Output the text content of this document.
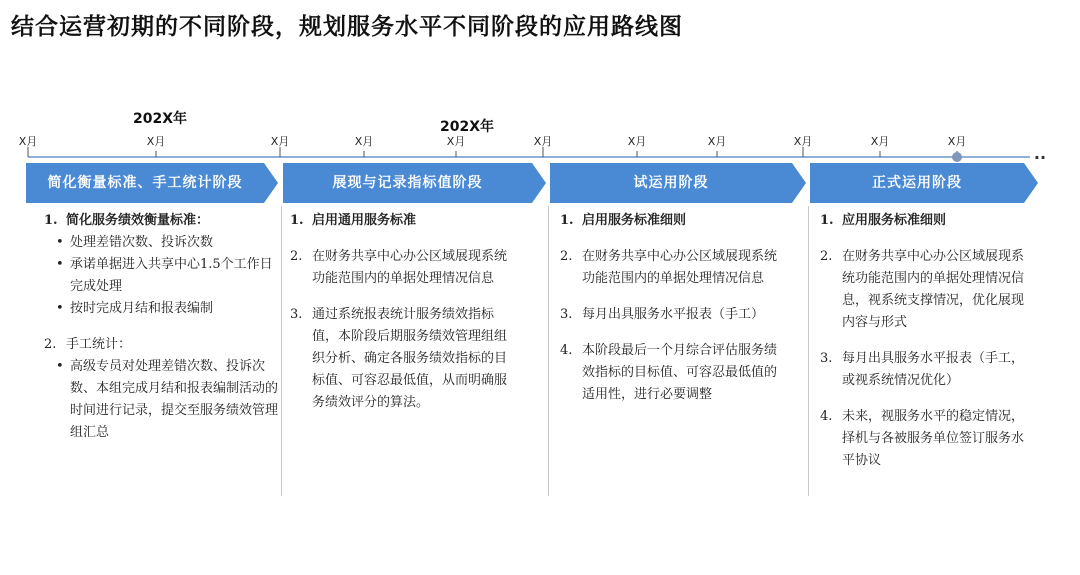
结合运营初期的不同阶段，规划服务水平不同阶段的应用路线图
202X年	202X年
X月	X月	X月	X月	X月	X月	X月	X月	X月	X月	X月
..
简化衡量标准、手工统计阶段	展现与记录指标值阶段	试运用阶段	正式运用阶段
1. 简化服务绩效衡量标准：
• 处理差错次数、投诉次数
• 承诺单据进入共享中心1.5个工作日完成处理
• 按时完成月结和报表编制
2. 手工统计：
• 高级专员对处理差错次数、投诉次数、本组完成月结和报表编制活动的时间进行记录，提交至服务绩效管理组汇总
1. 启用通用服务标准
2. 在财务共享中心办公区域展现系统功能范围内的单据处理情况信息
3. 通过系统报表统计服务绩效指标值，本阶段后期服务绩效管理组组织分析、确定各服务绩效指标的目标值、可容忍最低值，从而明确服务绩效评分的算法。
1. 启用服务标准细则
2. 在财务共享中心办公区域展现系统功能范围内的单据处理情况信息
3. 每月出具服务水平报表（手工）
4. 本阶段最后一个月综合评估服务绩效指标的目标值、可容忍最低值的适用性，进行必要调整
1. 应用服务标准细则
2. 在财务共享中心办公区域展现系统功能范围内的单据处理情况信息，视系统支撑情况，优化展现内容与形式
3. 每月出具服务水平报表（手工，或视系统情况优化）
4. 未来，视服务水平的稳定情况，择机与各被服务单位签订服务水平协议
